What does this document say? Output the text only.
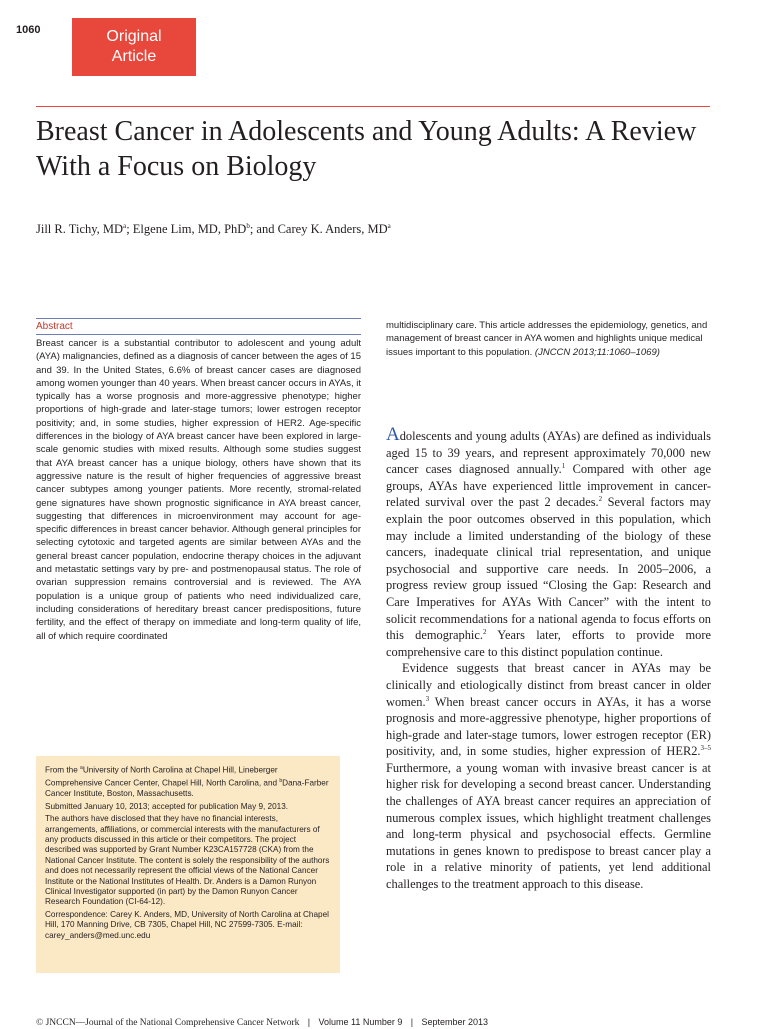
1060	Original
Article
Breast Cancer in Adolescents and Young Adults: A Review With a Focus on Biology

Jill R. Tichy, $MD^a$; Elgene Lim, MD, PhD$^b$; and Carey K. Anders, $MD^a$

Abstract

Breast cancer is a substantial contributor to adolescent and young adult (AYA) malignancies, defined as a diagnosis of cancer between the ages of 15 and 39. In the United States, 6.6% of breast cancer cases are diagnosed among women younger than 40 years. When breast cancer occurs in AYAs, it typically has a worse prognosis and more-aggressive phenotype; higher proportions of high-grade and later-stage tumors; lower estrogen receptor positivity; and, in some studies, higher expression of HER2. Age-specific differences in the biology of AYA breast cancer have been explored in large-scale genomic studies with mixed results. Although some studies suggest that AYA breast cancer has a unique biology, others have shown that its aggressive nature is the result of higher frequencies of aggressive breast cancer subtypes among younger patients. More recently, stromal-related gene signatures have shown prognostic significance in AYA breast cancer, suggesting that differences in microenvironment may account for age-specific differences in breast cancer behavior. Although general principles for selecting cytotoxic and targeted agents are similar between AYAs and the general breast cancer population, endocrine therapy choices in the adjuvant and metastatic settings vary by pre- and postmenopausal status. The role of ovarian suppression remains controversial and is reviewed. The AYA population is a unique group of patients who need individualized care, including considerations of hereditary breast cancer predispositions, future fertility, and the effect of therapy on immediate and long-term quality of life, all of which require coordinated

multidisciplinary care. This article addresses the epidemiology, genetics, and management of breast cancer in AYA women and highlights unique medical issues important to this population. (JNCCN 2013;11:1060–1069)

Adolescents and young adults (AYAs) are defined as individuals aged 15 to 39 years, and represent approximately 70,000 new cancer cases diagnosed annually.$^1$ Compared with other age groups, AYAs have experienced little improvement in cancer-related survival over the past 2 decades.$^2$ Several factors may explain the poor outcomes observed in this population, which may include a limited understanding of the biology of these cancers, inadequate clinical trial representation, and unique psychosocial and supportive care needs. In 2005–2006, a progress review group issued “Closing the Gap: Research and Care Imperatives for AYAs With Cancer” with the intent to solicit recommendations for a national agenda to focus efforts on this demographic.$^2$ Years later, efforts to provide more comprehensive care to this distinct population continue.

Evidence suggests that breast cancer in AYAs may be clinically and etiologically distinct from breast cancer in older women.$^3$ When breast cancer occurs in AYAs, it has a worse prognosis and more-aggressive phenotype, higher proportions of high-grade and later-stage tumors, lower estrogen receptor (ER) positivity, and, in some studies, higher expression of HER2.$^{3-5}$ Furthermore, a young woman with invasive breast cancer is at higher risk for developing a second breast cancer. Understanding the challenges of AYA breast cancer requires an appreciation of numerous complex issues, which highlight treatment challenges and long-term physical and psychosocial effects. Germline mutations in genes known to predispose to breast cancer play a role in a relative minority of patients, yet lend additional challenges to the treatment approach to this disease.

From the $^a$University of North Carolina at Chapel Hill, Lineberger Comprehensive Cancer Center, Chapel Hill, North Carolina, and $^b$Dana-Farber Cancer Institute, Boston, Massachusetts.

Submitted January 10, 2013; accepted for publication May 9, 2013.

The authors have disclosed that they have no financial interests, arrangements, affiliations, or commercial interests with the manufacturers of any products discussed in this article or their competitors. The project described was supported by Grant Number K23CA157728 (CKA) from the National Cancer Institute. The content is solely the responsibility of the authors and does not necessarily represent the official views of the National Cancer Institute or the National Institutes of Health. Dr. Anders is a Damon Runyon Clinical Investigator supported (in part) by the Damon Runyon Cancer Research Foundation (CI-64-12).

Correspondence: Carey K. Anders, MD, University of North Carolina at Chapel Hill, 170 Manning Drive, CB 7305, Chapel Hill, NC 27599-7305. E-mail: carey_anders@med.unc.edu

© JNCCN—Journal of the National Comprehensive Cancer Network | Volume 11 Number 9 | September 2013
